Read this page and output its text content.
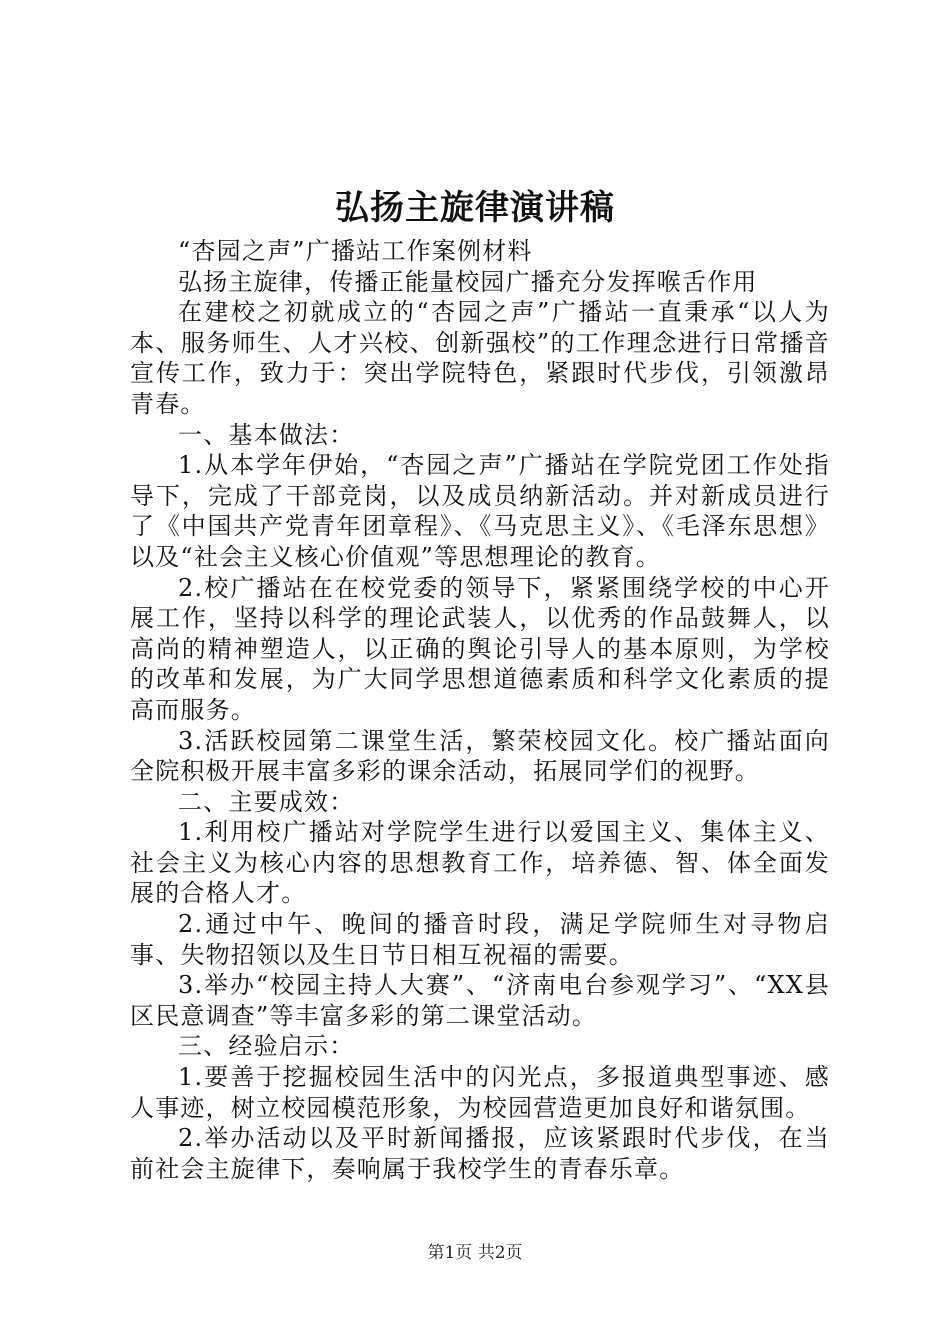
弘扬主旋律演讲稿

“杏园之声”广播站工作案例材料

弘扬主旋律，传播正能量校园广播充分发挥喉舌作用

在建校之初就成立的“杏园之声”广播站一直秉承“以人为本、服务师生、人才兴校、创新强校”的工作理念进行日常播音宣传工作，致力于：突出学院特色，紧跟时代步伐，引领激昂青春。

一、基本做法：

1.从本学年伊始，“杏园之声”广播站在学院党团工作处指导下，完成了干部竞岗，以及成员纳新活动。并对新成员进行了《中国共产党青年团章程》、《马克思主义》、《毛泽东思想》以及“社会主义核心价值观”等思想理论的教育。

2.校广播站在在校党委的领导下，紧紧围绕学校的中心开展工作，坚持以科学的理论武装人，以优秀的作品鼓舞人，以高尚的精神塑造人，以正确的舆论引导人的基本原则，为学校的改革和发展，为广大同学思想道德素质和科学文化素质的提高而服务。

3.活跃校园第二课堂生活，繁荣校园文化。校广播站面向全院积极开展丰富多彩的课余活动，拓展同学们的视野。

二、主要成效：

1.利用校广播站对学院学生进行以爱国主义、集体主义、社会主义为核心内容的思想教育工作，培养德、智、体全面发展的合格人才。

2.通过中午、晚间的播音时段，满足学院师生对寻物启事、失物招领以及生日节日相互祝福的需要。

3.举办“校园主持人大赛”、“济南电台参观学习”、“XX县区民意调查”等丰富多彩的第二课堂活动。

三、经验启示：

1.要善于挖掘校园生活中的闪光点，多报道典型事迹、感人事迹，树立校园模范形象，为校园营造更加良好和谐氛围。

2.举办活动以及平时新闻播报，应该紧跟时代步伐，在当前社会主旋律下，奏响属于我校学生的青春乐章。

第1页 共2页
